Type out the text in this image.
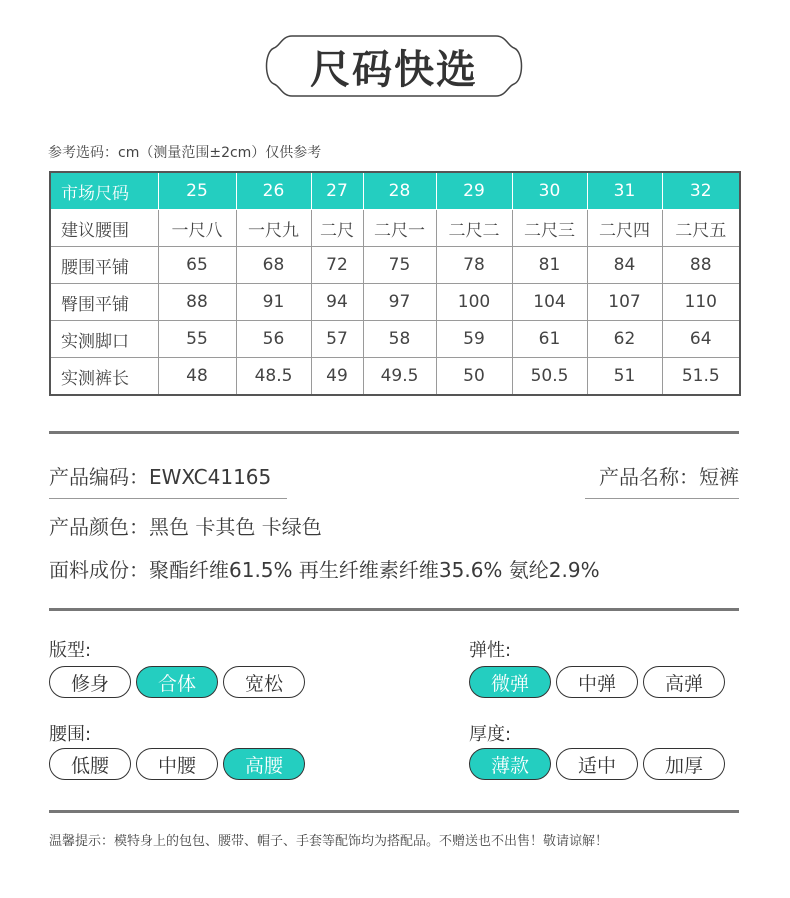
尺码快选
参考选码：cm（测量范围±2cm）仅供参考
市场尺码	25	26	27	28	29	30	31	32
建议腰围	一尺八	一尺九	二尺	二尺一	二尺二	二尺三	二尺四	二尺五
腰围平铺	65	68	72	75	78	81	84	88
臀围平铺	88	91	94	97	100	104	107	110
实测脚口	55	56	57	58	59	61	62	64
实测裤长	48	48.5	49	49.5	50	50.5	51	51.5
产品编码：EWXC41165	产品名称：短裤
产品颜色：黑色 卡其色 卡绿色
面料成份：聚酯纤维61.5% 再生纤维素纤维35.6% 氨纶2.9%
版型:
修身	合体	宽松
弹性:
微弹	中弹	高弹
腰围:
低腰	中腰	高腰
厚度:
薄款	适中	加厚
温馨提示：模特身上的包包、腰带、帽子、手套等配饰均为搭配品。不赠送也不出售！敬请谅解！
